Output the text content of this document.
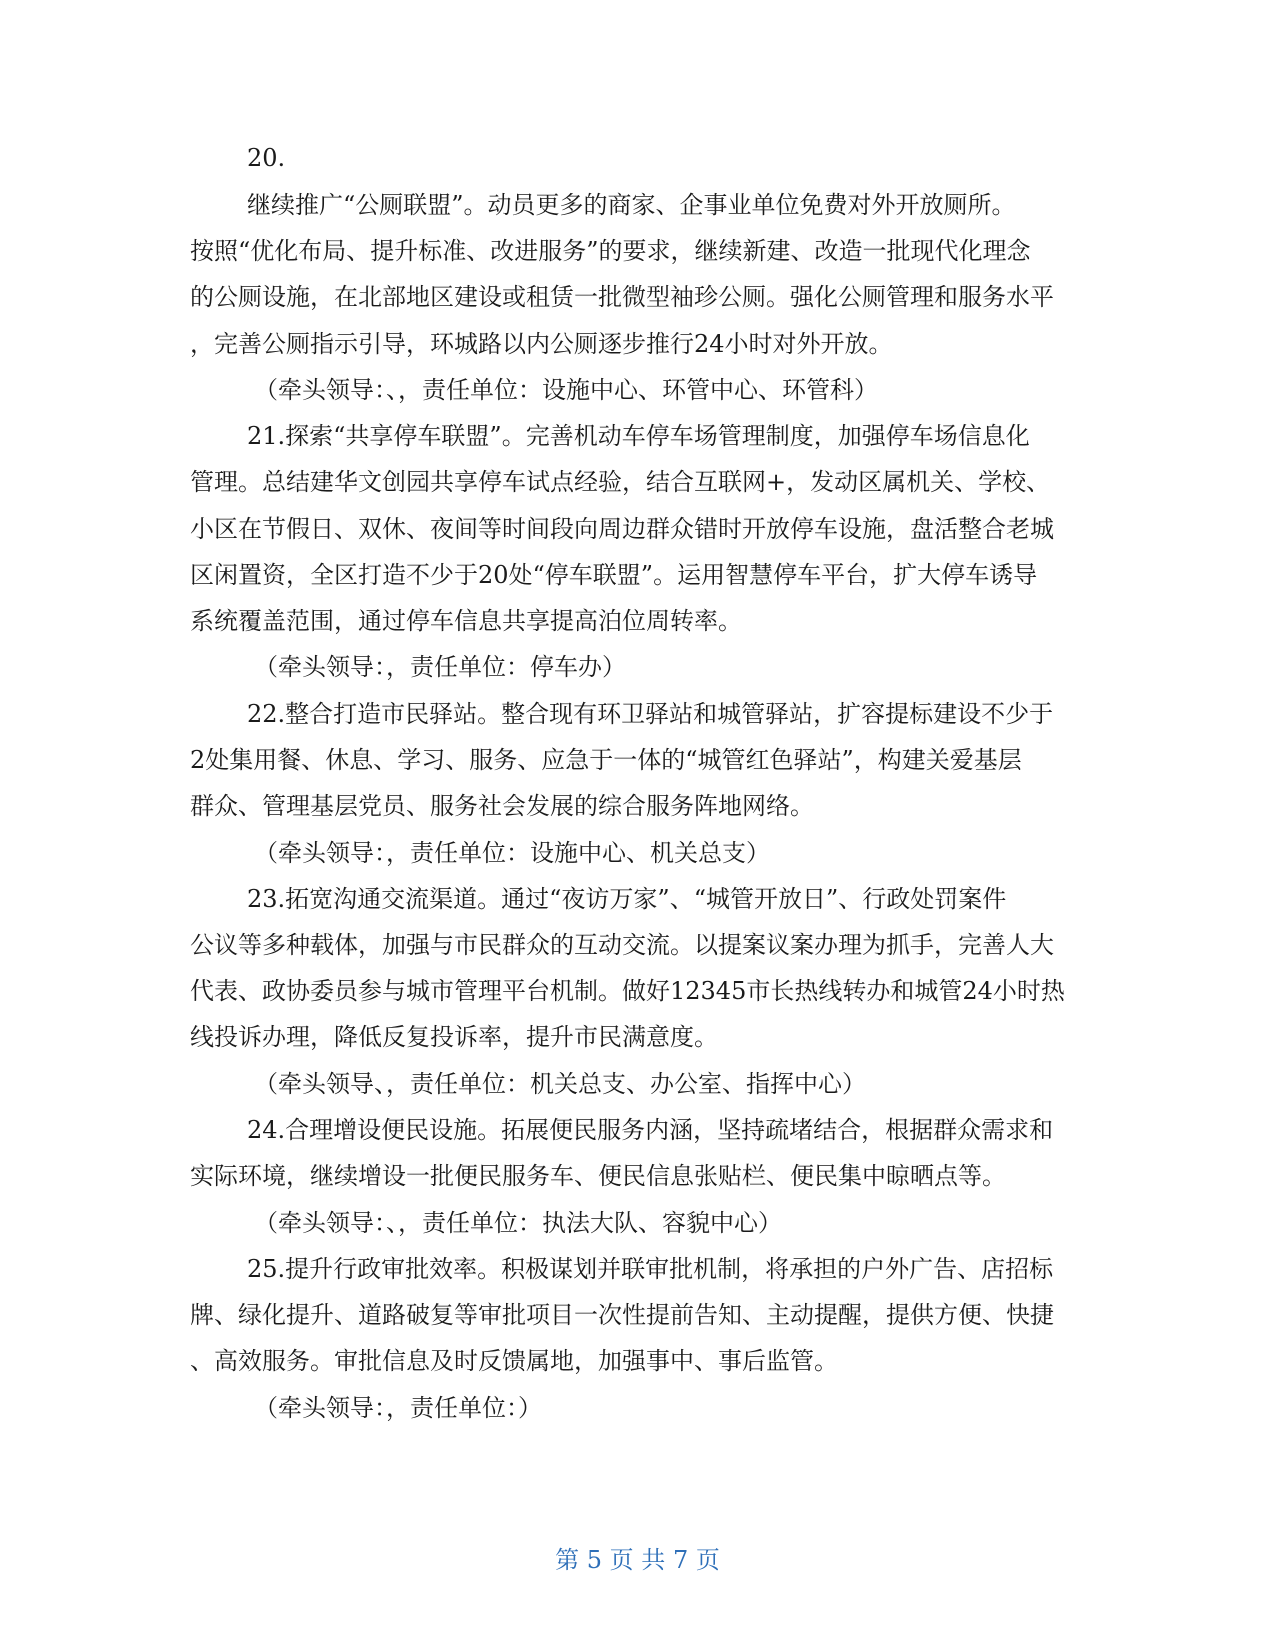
20.
继续推广“公厕联盟”。动员更多的商家、企事业单位免费对外开放厕所。
按照“优化布局、提升标准、改进服务”的要求，继续新建、改造一批现代化理念
的公厕设施，在北部地区建设或租赁一批微型袖珍公厕。强化公厕管理和服务水平
，完善公厕指示引导，环城路以内公厕逐步推行24小时对外开放。
（牵头领导：、，责任单位：设施中心、环管中心、环管科）
21.探索“共享停车联盟”。完善机动车停车场管理制度，加强停车场信息化
管理。总结建华文创园共享停车试点经验，结合互联网+，发动区属机关、学校、
小区在节假日、双休、夜间等时间段向周边群众错时开放停车设施，盘活整合老城
区闲置资，全区打造不少于20处“停车联盟”。运用智慧停车平台，扩大停车诱导
系统覆盖范围，通过停车信息共享提高泊位周转率。
（牵头领导：，责任单位：停车办）
22.整合打造市民驿站。整合现有环卫驿站和城管驿站，扩容提标建设不少于
2处集用餐、休息、学习、服务、应急于一体的“城管红色驿站”，构建关爱基层
群众、管理基层党员、服务社会发展的综合服务阵地网络。
（牵头领导：，责任单位：设施中心、机关总支）
23.拓宽沟通交流渠道。通过“夜访万家”、“城管开放日”、行政处罚案件
公议等多种载体，加强与市民群众的互动交流。以提案议案办理为抓手，完善人大
代表、政协委员参与城市管理平台机制。做好12345市长热线转办和城管24小时热
线投诉办理，降低反复投诉率，提升市民满意度。
（牵头领导、，责任单位：机关总支、办公室、指挥中心）
24.合理增设便民设施。拓展便民服务内涵，坚持疏堵结合，根据群众需求和
实际环境，继续增设一批便民服务车、便民信息张贴栏、便民集中晾晒点等。
（牵头领导：、，责任单位：执法大队、容貌中心）
25.提升行政审批效率。积极谋划并联审批机制，将承担的户外广告、店招标
牌、绿化提升、道路破复等审批项目一次性提前告知、主动提醒，提供方便、快捷
、高效服务。审批信息及时反馈属地，加强事中、事后监管。
（牵头领导：，责任单位：）
第 5 页 共 7 页
